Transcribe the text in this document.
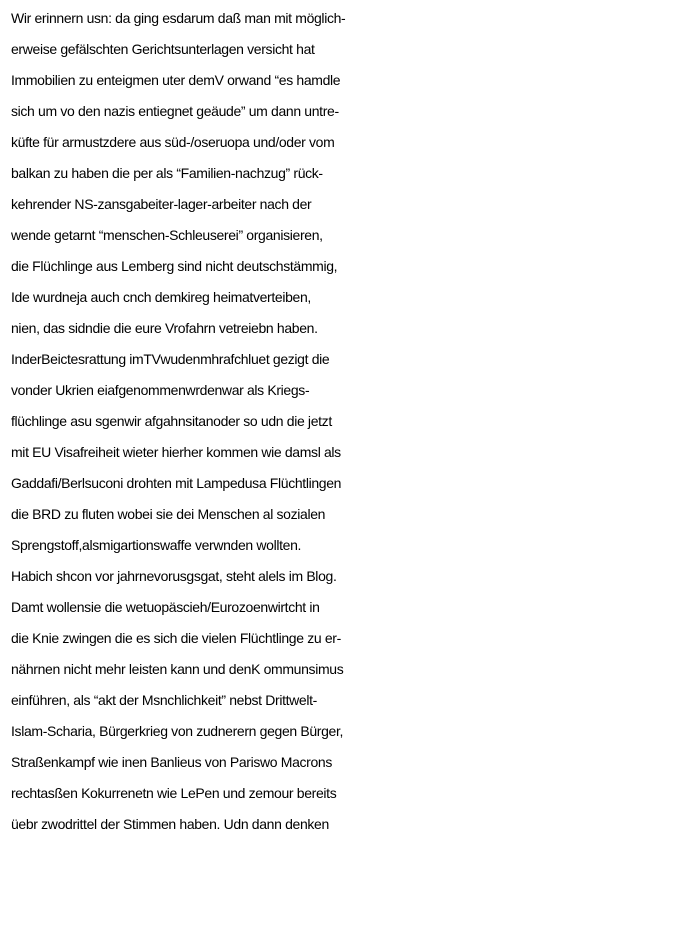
Wir erinnern usn: da ging esdarum daß man mit möglich-
erweise gefälschten Gerichtsunterlagen versicht hat
Immobilien zu enteigmen uter demV orwand “es hamdle
sich um vo den nazis entiegnet geäude” um dann untre-
küfte für armustzdere aus süd-/oseruopa und/oder vom
balkan zu haben die per als “Familien-nachzug” rück-
kehrender NS-zansgabeiter-lager-arbeiter nach der
wende getarnt “menschen-Schleuserei” organisieren,
die Flüchlinge aus Lemberg sind nicht deutschstämmig,
Ide wurdneja auch cnch demkireg heimatverteiben,
nien, das sidndie die eure Vrofahrn vetreiebn haben.
InderBeictesrattung imTVwudenmhrafchluet gezigt die
vonder Ukrien eiafgenommenwrdenwar als Kriegs-
flüchlinge asu sgenwir afgahnsitanoder so udn die jetzt
mit EU Visafreiheit wieter hierher kommen wie damsl als
Gaddafi/Berlsuconi drohten mit Lampedusa Flüchtlingen
die BRD zu fluten wobei sie dei Menschen al sozialen
Sprengstoff,alsmigartionswaffe verwnden wollten.
Habich shcon vor jahrnevorusgsgat, steht alels im Blog.
Damt wollensie die wetuopäscieh/Eurozoenwirtcht in
die Knie zwingen die es sich die vielen Flüchtlinge zu er-
nährnen nicht mehr leisten kann und denK ommunsimus
einführen, als “akt der Msnchlichkeit” nebst Drittwelt-
Islam-Scharia, Bürgerkrieg von zudnerern gegen Bürger,
Straßenkampf wie inen Banlieus von Pariswo Macrons
rechtasßen Kokurrenetn wie LePen und zemour bereits
üebr zwodrittel der Stimmen haben. Udn dann denken
